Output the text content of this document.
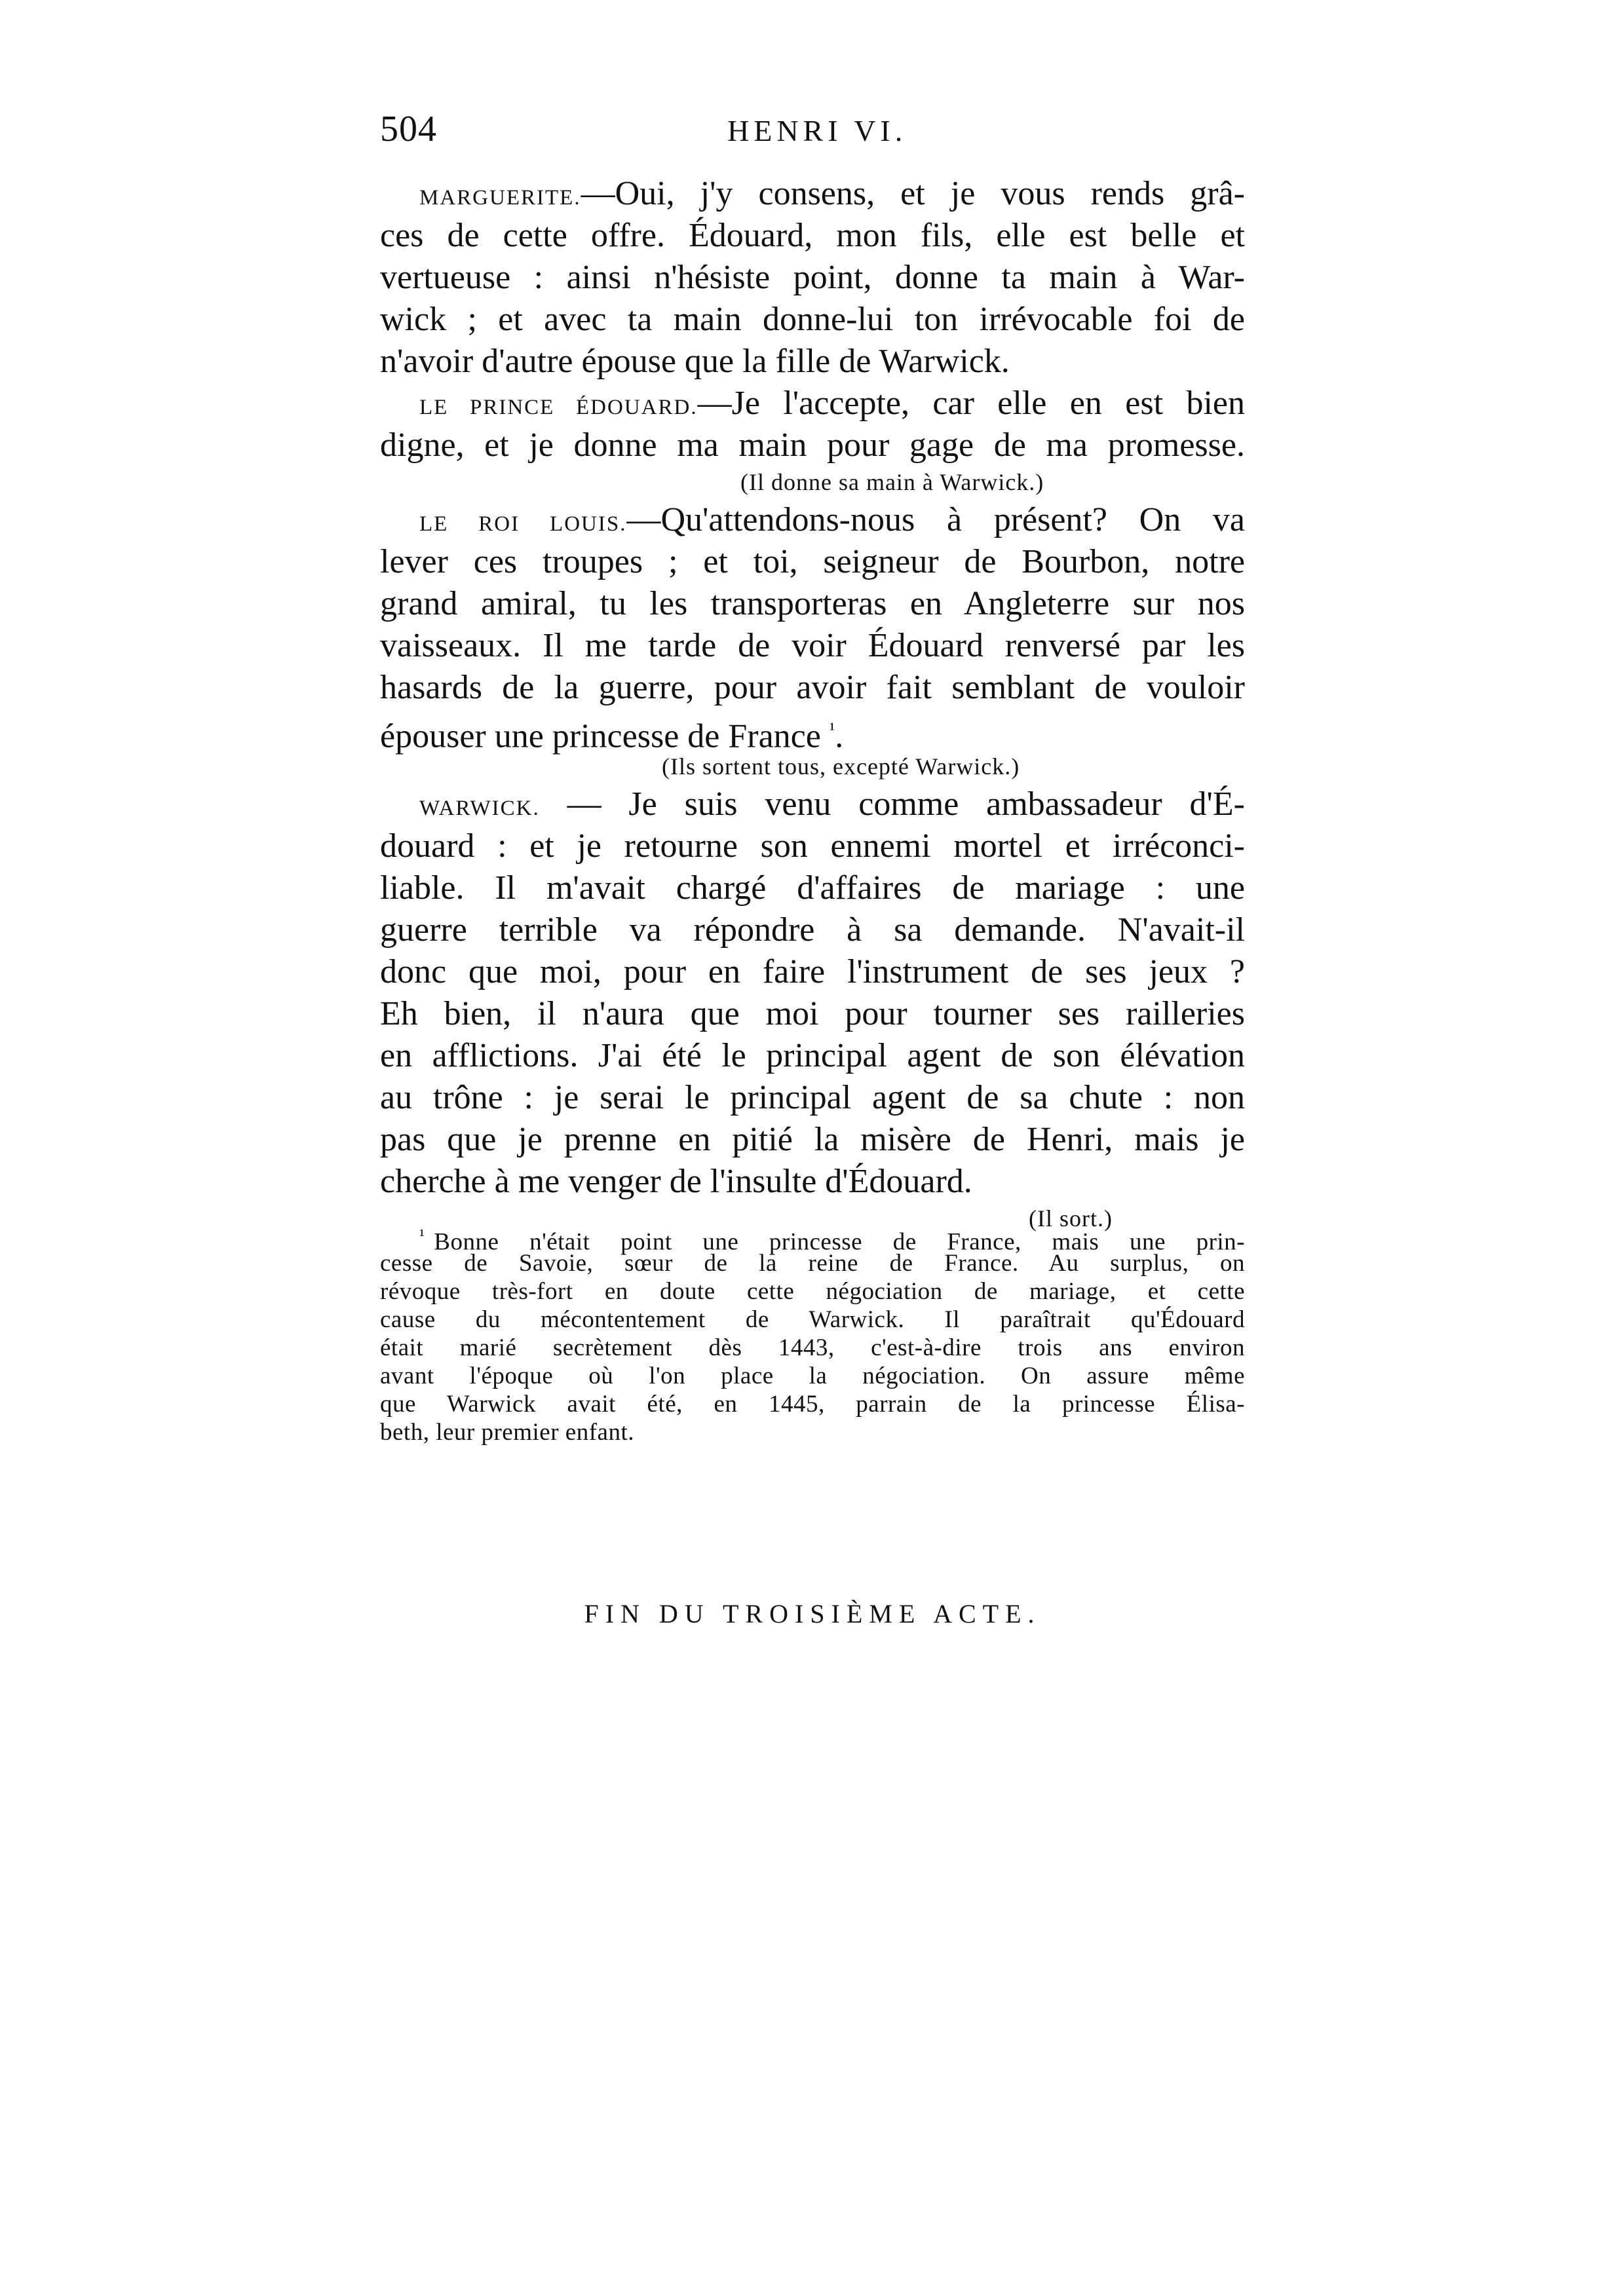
504	HENRI VI.
MARGUERITE.—Oui, j'y consens, et je vous rends grâ-
ces de cette offre. Édouard, mon fils, elle est belle et
vertueuse : ainsi n'hésiste point, donne ta main à War-
wick ; et avec ta main donne-lui ton irrévocable foi de
n'avoir d'autre épouse que la fille de Warwick.
LE PRINCE ÉDOUARD.—Je l'accepte, car elle en est bien
digne, et je donne ma main pour gage de ma promesse.
(Il donne sa main à Warwick.)
LE ROI LOUIS.—Qu'attendons-nous à présent? On va
lever ces troupes ; et toi, seigneur de Bourbon, notre
grand amiral, tu les transporteras en Angleterre sur nos
vaisseaux. Il me tarde de voir Édouard renversé par les
hasards de la guerre, pour avoir fait semblant de vouloir
épouser une princesse de France $^{^1}$.
(Ils sortent tous, excepté Warwick.)
WARWICK. — Je suis venu comme ambassadeur d'É-
douard : et je retourne son ennemi mortel et irréconci-
liable. Il m'avait chargé d'affaires de mariage : une
guerre terrible va répondre à sa demande. N'avait-il
donc que moi, pour en faire l'instrument de ses jeux ?
Eh bien, il n'aura que moi pour tourner ses railleries
en afflictions. J'ai été le principal agent de son élévation
au trône : je serai le principal agent de sa chute : non
pas que je prenne en pitié la misère de Henri, mais je
cherche à me venger de l'insulte d'Édouard.
(Il sort.)
$^{^1}$ Bonne n'était point une princesse de France, mais une prin-
cesse de Savoie, sœur de la reine de France. Au surplus, on
révoque très-fort en doute cette négociation de mariage, et cette
cause du mécontentement de Warwick. Il paraîtrait qu'Édouard
était marié secrètement dès 1443, c'est-à-dire trois ans environ
avant l'époque où l'on place la négociation. On assure même
que Warwick avait été, en 1445, parrain de la princesse Élisa-
beth, leur premier enfant.
FIN DU TROISIÈME ACTE.
